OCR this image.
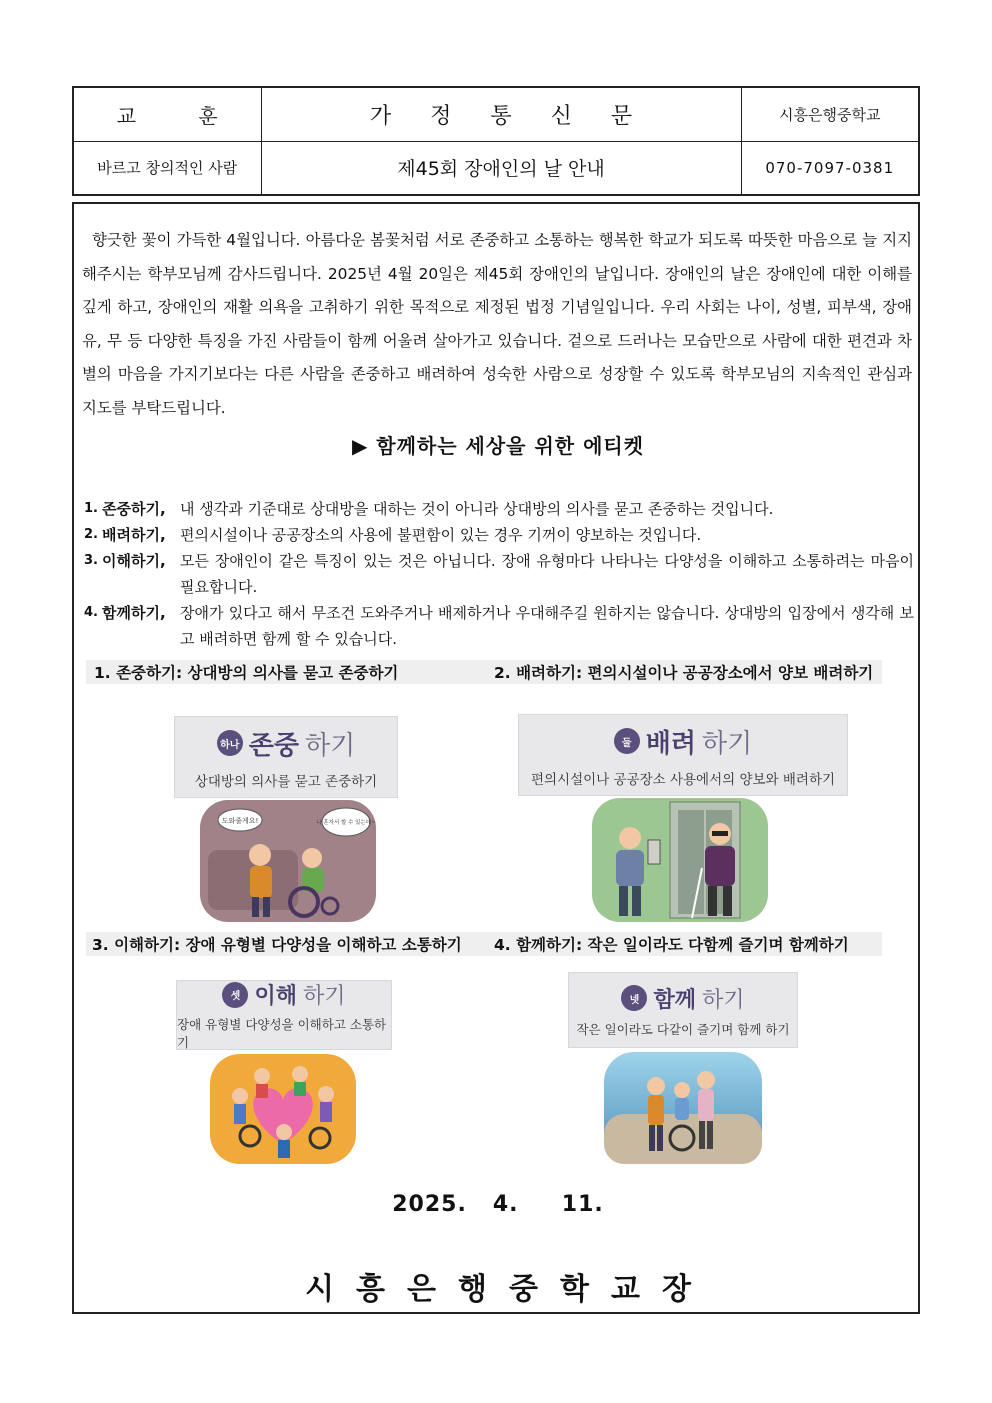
교 훈	가 정 통 신 문	시흥은행중학교
바르고 창의적인 사람	제45회 장애인의 날 안내	070-7097-0381

향긋한 꽃이 가득한 4월입니다. 아름다운 봄꽃처럼 서로 존중하고 소통하는 행복한 학교가 되도록 따뜻한 마음으로 늘 지지해주시는 학부모님께 감사드립니다. 2025년 4월 20일은 제45회 장애인의 날입니다. 장애인의 날은 장애인에 대한 이해를 깊게 하고, 장애인의 재활 의욕을 고취하기 위한 목적으로 제정된 법정 기념일입니다. 우리 사회는 나이, 성별, 피부색, 장애 유, 무 등 다양한 특징을 가진 사람들이 함께 어울려 살아가고 있습니다. 겉으로 드러나는 모습만으로 사람에 대한 편견과 차별의 마음을 가지기보다는 다른 사람을 존중하고 배려하여 성숙한 사람으로 성장할 수 있도록 학부모님의 지속적인 관심과 지도를 부탁드립니다.

▶ 함께하는 세상을 위한 에티켓
1. 존중하기, 내 생각과 기준대로 상대방을 대하는 것이 아니라 상대방의 의사를 묻고 존중하는 것입니다.
2. 배려하기, 편의시설이나 공공장소의 사용에 불편함이 있는 경우 기꺼이 양보하는 것입니다.
3. 이해하기, 모든 장애인이 같은 특징이 있는 것은 아닙니다. 장애 유형마다 나타나는 다양성을 이해하고 소통하려는 마음이 필요합니다.
4. 함께하기, 장애가 있다고 해서 무조건 도와주거나 배제하거나 우대해주길 원하지는 않습니다. 상대방의 입장에서 생각해 보고 배려하면 함께 할 수 있습니다.
1. 존중하기: 상대방의 의사를 묻고 존중하기	2. 배려하기: 편의시설이나 공공장소에서 양보 배려하기
하나 존중 하기
상대방의 의사를 묻고 존중하기
도와줄게요!	나 혼자서 할 수 있는데~
둘 배려 하기
편의시설이나 공공장소 사용에서의 양보와 배려하기
3. 이해하기: 장애 유형별 다양성을 이해하고 소통하기	4. 함께하기: 작은 일이라도 다함께 즐기며 함께하기
셋 이해 하기
장애 유형별 다양성을 이해하고 소통하기
넷 함께 하기
작은 일이라도 다같이 즐기며 함께 하기
2025.   4.     11.
시흥은행중학교장
